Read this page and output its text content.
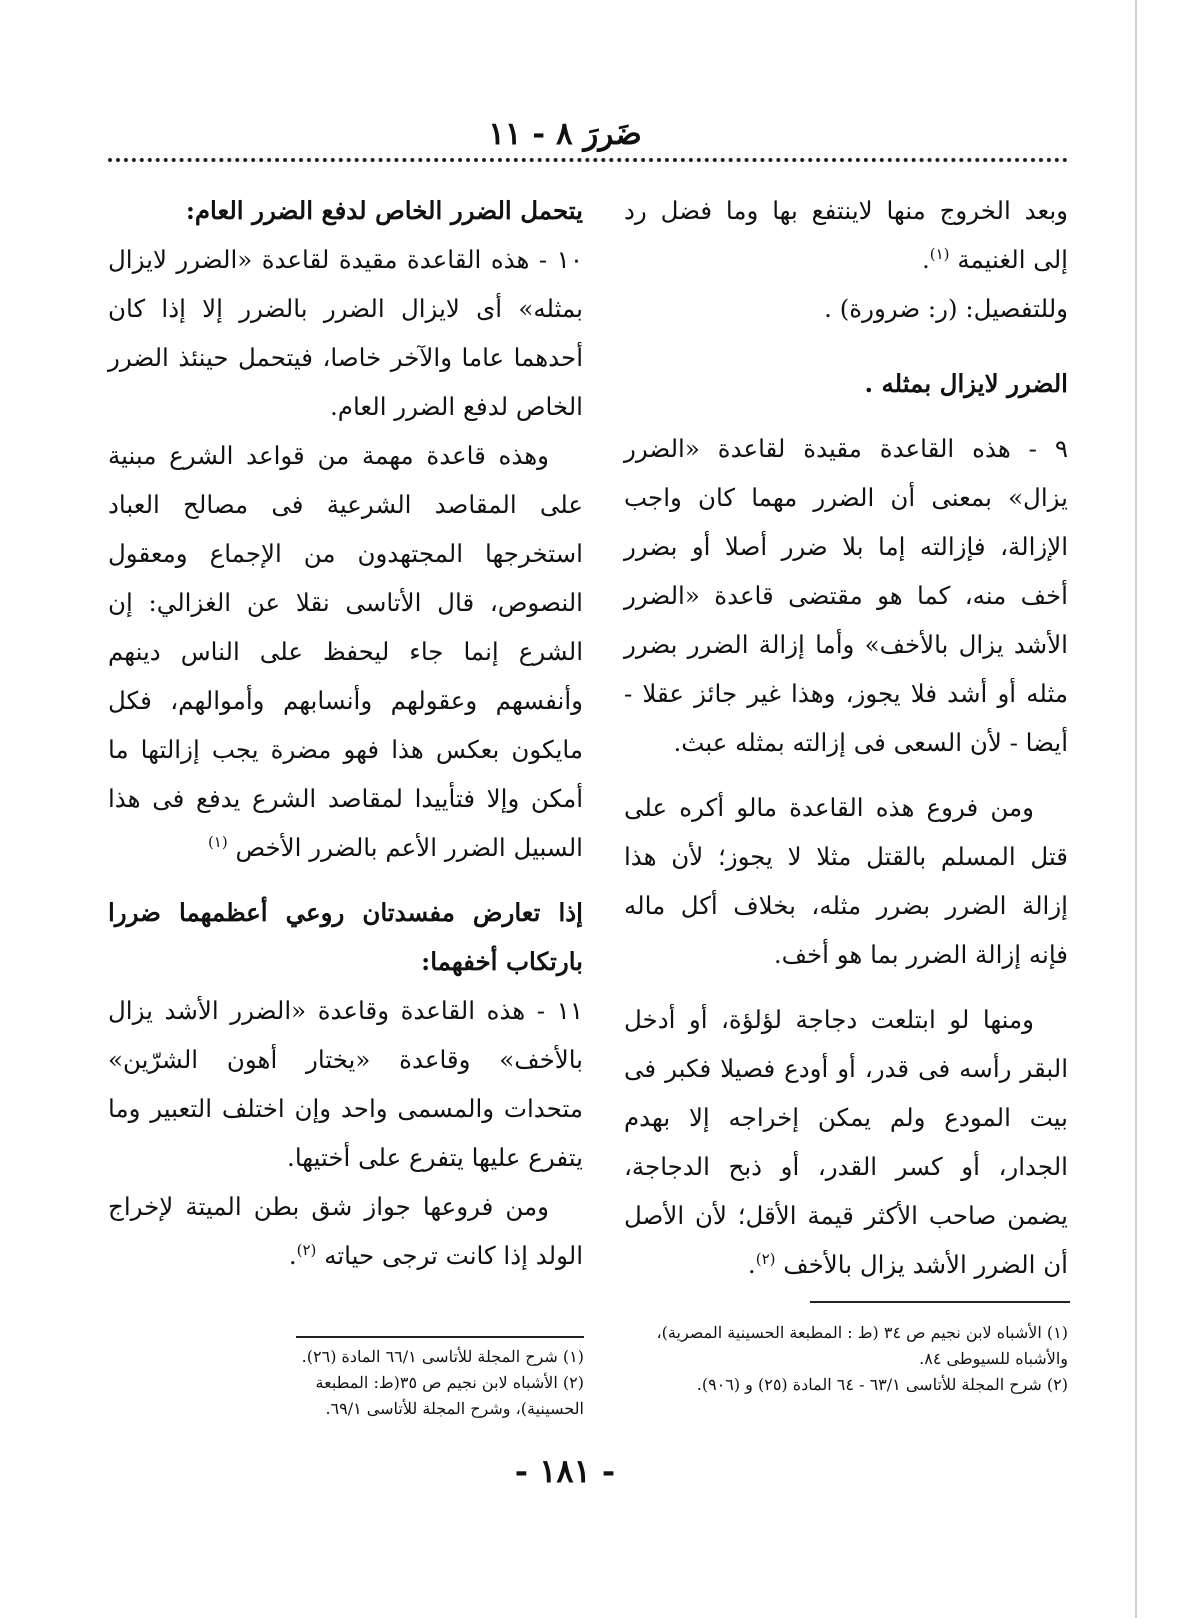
ضَررَ ٨ - ١١

وبعد الخروج منها لاينتفع بها وما فضل رد إلى الغنيمة $^{(١)}$.

وللتفصيل: (ر: ضرورة) .

الضرر لايزال بمثله .

٩ - هذه القاعدة مقيدة لقاعدة «الضرر يزال» بمعنى أن الضرر مهما كان واجب الإزالة، فإزالته إما بلا ضرر أصلا أو بضرر أخف منه، كما هو مقتضى قاعدة «الضرر الأشد يزال بالأخف» وأما إزالة الضرر بضرر مثله أو أشد فلا يجوز، وهذا غير جائز عقلا - أيضا - لأن السعى فى إزالته بمثله عبث.

ومن فروع هذه القاعدة مالو أكره على قتل المسلم بالقتل مثلا لا يجوز؛ لأن هذا إزالة الضرر بضرر مثله، بخلاف أكل ماله فإنه إزالة الضرر بما هو أخف.

ومنها لو ابتلعت دجاجة لؤلؤة، أو أدخل البقر رأسه فى قدر، أو أودع فصيلا فكبر فى بيت المودع ولم يمكن إخراجه إلا بهدم الجدار، أو كسر القدر، أو ذبح الدجاجة، يضمن صاحب الأكثر قيمة الأقل؛ لأن الأصل أن الضرر الأشد يزال بالأخف $^{(٢)}$.

يتحمل الضرر الخاص لدفع الضرر العام:

١٠ - هذه القاعدة مقيدة لقاعدة «الضرر لايزال بمثله» أى لايزال الضرر بالضرر إلا إذا كان أحدهما عاما والآخر خاصا، فيتحمل حينئذ الضرر الخاص لدفع الضرر العام.

وهذه قاعدة مهمة من قواعد الشرع مبنية على المقاصد الشرعية فى مصالح العباد استخرجها المجتهدون من الإجماع ومعقول النصوص، قال الأتاسى نقلا عن الغزالي: إن الشرع إنما جاء ليحفظ على الناس دينهم وأنفسهم وعقولهم وأنسابهم وأموالهم، فكل مايكون بعكس هذا فهو مضرة يجب إزالتها ما أمكن وإلا فتأييدا لمقاصد الشرع يدفع فى هذا السبيل الضرر الأعم بالضرر الأخص $^{(١)}$

إذا تعارض مفسدتان روعي أعظمهما ضررا بارتكاب أخفهما:

١١ - هذه القاعدة وقاعدة «الضرر الأشد يزال بالأخف» وقاعدة «يختار أهون الشرّين» متحدات والمسمى واحد وإن اختلف التعبير وما يتفرع عليها يتفرع على أختيها.

ومن فروعها جواز شق بطن الميتة لإخراج الولد إذا كانت ترجى حياته $^{(٢)}$.

(١) الأشباه لابن نجيم ص ٣٤ (ط : المطبعة الحسينية المصرية)، والأشباه للسيوطى ٨٤.

(٢) شرح المجلة للأتاسى ٦٣/١ - ٦٤ المادة (٢٥) و (٩٠٦).

(١) شرح المجلة للأتاسى ٦٦/١ المادة (٢٦).

(٢) الأشباه لابن نجيم ص ٣٥(ط: المطبعة الحسينية)، وشرح المجلة للأتاسى ٦٩/١.

- ١٨١ -
